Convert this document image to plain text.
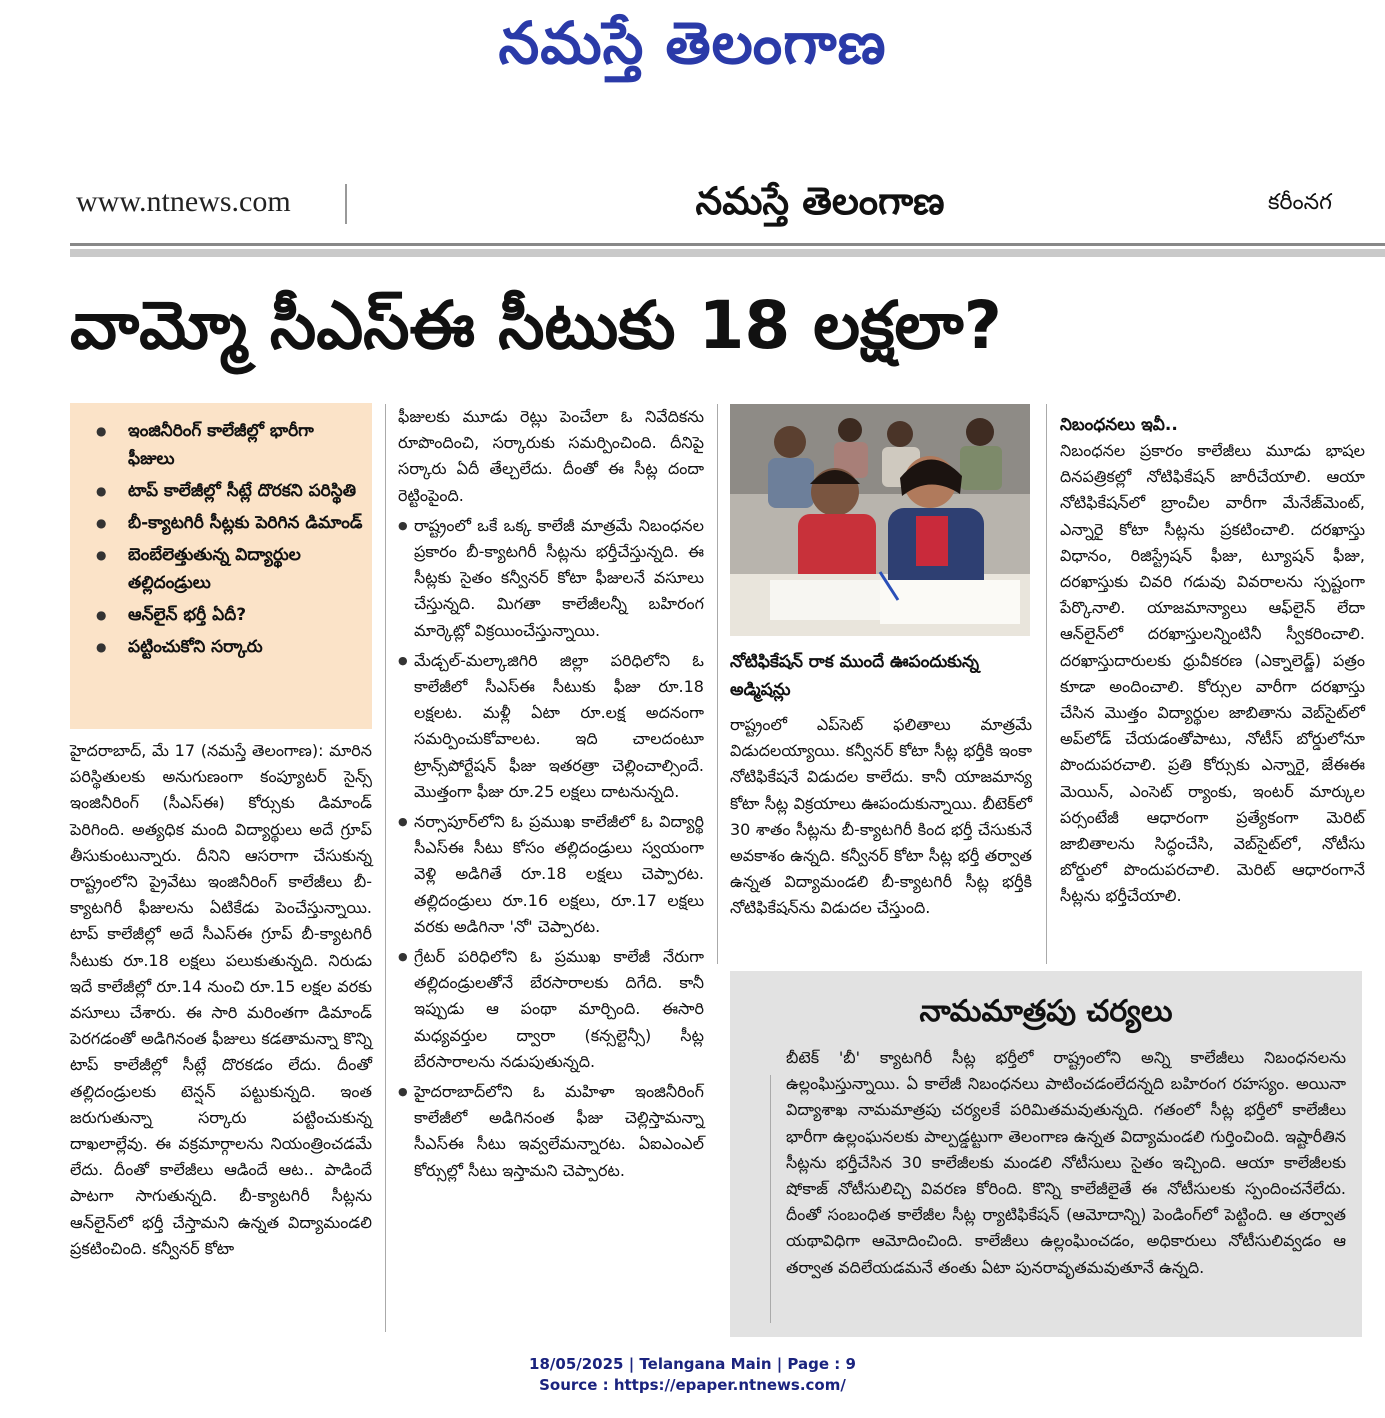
నమస్తే తెలంగాణ
www.ntnews.com	నమస్తే తెలంగాణ	కరీంనగ
వామ్మో సీఎస్‌ఈ సీటుకు 18 లక్షలా?
● ఇంజినీరింగ్ కాలేజీల్లో భారీగా ఫీజులు
● టాప్ కాలేజీల్లో సీట్లే దొరకని పరిస్థితి
● బీ-క్యాటగిరీ సీట్లకు పెరిగిన డిమాండ్
● బెంబేలెత్తుతున్న విద్యార్థుల తల్లిదండ్రులు
● ఆన్‌లైన్ భర్తీ ఏదీ?
● పట్టించుకోని సర్కారు

హైదరాబాద్, మే 17 (నమస్తే తెలంగాణ): మారిన పరిస్థితులకు అనుగుణంగా కంప్యూటర్ సైన్స్ ఇంజినీరింగ్ (సీఎస్‌ఈ) కోర్సుకు డిమాండ్ పెరిగింది. అత్యధిక మంది విద్యార్థులు అదే గ్రూప్ తీసుకుంటున్నారు. దీనిని ఆసరాగా చేసుకున్న రాష్ట్రంలోని ప్రైవేటు ఇంజినీరింగ్ కాలేజీలు బీ-క్యాటగిరీ ఫీజులను ఏటికేడు పెంచేస్తున్నాయి. టాప్ కాలేజీల్లో అదే సీఎస్‌ఈ గ్రూప్ బీ-క్యాటగిరీ సీటుకు రూ.18 లక్షలు పలుకుతున్నది. నిరుడు ఇదే కాలేజీల్లో రూ.14 నుంచి రూ.15 లక్షల వరకు వసూలు చేశారు. ఈ సారి మరింతగా డిమాండ్ పెరగడంతో అడిగినంత ఫీజులు కడతామన్నా కొన్ని టాప్ కాలేజీల్లో సీట్లే దొరకడం లేదు. దీంతో తల్లిదండ్రులకు టెన్షన్ పట్టుకున్నది. ఇంత జరుగుతున్నా సర్కారు పట్టించుకున్న దాఖలాల్లేవు. ఈ వక్రమార్గాలను నియంత్రించడమే లేదు. దీంతో కాలేజీలు ఆడిందే ఆట.. పాడిందే పాటగా సాగుతున్నది. బీ-క్యాటగిరీ సీట్లను ఆన్‌లైన్‌లో భర్తీ చేస్తామని ఉన్నత విద్యామండలి ప్రకటించింది. కన్వీనర్ కోటా

ఫీజులకు మూడు రెట్లు పెంచేలా ఓ నివేదికను రూపొందించి, సర్కారుకు సమర్పించింది. దీనిపై సర్కారు ఏదీ తేల్చలేదు. దీంతో ఈ సీట్ల దందా రెట్టింపైంది.

● రాష్ట్రంలో ఒకే ఒక్క కాలేజీ మాత్రమే నిబంధనల ప్రకారం బీ-క్యాటగిరీ సీట్లను భర్తీచేస్తున్నది. ఈ సీట్లకు సైతం కన్వీనర్ కోటా ఫీజులనే వసూలు చేస్తున్నది. మిగతా కాలేజీలన్నీ బహిరంగ మార్కెట్లో విక్రయించేస్తున్నాయి.

● మేడ్చల్-మల్కాజిగిరి జిల్లా పరిధిలోని ఓ కాలేజీలో సీఎస్‌ఈ సీటుకు ఫీజు రూ.18 లక్షలట. మళ్లీ ఏటా రూ.లక్ష అదనంగా సమర్పించుకోవాలట. ఇది చాలదంటూ ట్రాన్స్‌పోర్టేషన్ ఫీజు ఇతరత్రా చెల్లించాల్సిందే. మొత్తంగా ఫీజు రూ.25 లక్షలు దాటనున్నది.

● నర్సాపూర్‌లోని ఓ ప్రముఖ కాలేజీలో ఓ విద్యార్థి సీఎస్‌ఈ సీటు కోసం తల్లిదండ్రులు స్వయంగా వెళ్లి అడిగితే రూ.18 లక్షలు చెప్పారట. తల్లిదండ్రులు రూ.16 లక్షలు, రూ.17 లక్షలు వరకు అడిగినా 'నో' చెప్పారట.

● గ్రేటర్ పరిధిలోని ఓ ప్రముఖ కాలేజీ నేరుగా తల్లిదండ్రులతోనే బేరసారాలకు దిగేది. కానీ ఇప్పుడు ఆ పంథా మార్చింది. ఈసారి మధ్యవర్తుల ద్వారా (కన్సల్టెన్సీ) సీట్ల బేరసారాలను నడుపుతున్నది.

● హైదరాబాద్‌లోని ఓ మహిళా ఇంజినీరింగ్ కాలేజీలో అడిగినంత ఫీజు చెల్లిస్తామన్నా సీఎస్‌ఈ సీటు ఇవ్వలేమన్నారట. ఏఐఎంఎల్ కోర్సుల్లో సీటు ఇస్తామని చెప్పారట.

నోటిఫికేషన్ రాక ముందే ఊపందుకున్న అడ్మిషన్లు

రాష్ట్రంలో ఎప్‌సెట్ ఫలితాలు మాత్రమే విడుదలయ్యాయి. కన్వీనర్ కోటా సీట్ల భర్తీకి ఇంకా నోటిఫికేషనే విడుదల కాలేదు. కానీ యాజమాన్య కోటా సీట్ల విక్రయాలు ఊపందుకున్నాయి. బీటెక్‌లో 30 శాతం సీట్లను బీ-క్యాటగిరీ కింద భర్తీ చేసుకునే అవకాశం ఉన్నది. కన్వీనర్ కోటా సీట్ల భర్తీ తర్వాత ఉన్నత విద్యామండలి బీ-క్యాటగిరీ సీట్ల భర్తీకి నోటిఫికేషన్‌ను విడుదల చేస్తుంది.

నిబంధనలు ఇవీ..

నిబంధనల ప్రకారం కాలేజీలు మూడు భాషల దినపత్రికల్లో నోటిఫికేషన్ జారీచేయాలి. ఆయా నోటిఫికేషన్‌లో బ్రాంచీల వారీగా మేనేజ్‌మెంట్, ఎన్నారై కోటా సీట్లను ప్రకటించాలి. దరఖాస్తు విధానం, రిజిస్ట్రేషన్ ఫీజు, ట్యూషన్ ఫీజు, దరఖాస్తుకు చివరి గడువు వివరాలను స్పష్టంగా పేర్కొనాలి. యాజమాన్యాలు ఆఫ్‌లైన్ లేదా ఆన్‌లైన్‌లో దరఖాస్తులన్నింటినీ స్వీకరించాలి. దరఖాస్తుదారులకు ధ్రువీకరణ (ఎక్నాలెడ్జ్) పత్రం కూడా అందించాలి. కోర్సుల వారీగా దరఖాస్తు చేసిన మొత్తం విద్యార్థుల జాబితాను వెబ్‌సైట్‌లో అప్‌లోడ్ చేయడంతోపాటు, నోటీస్ బోర్డులోనూ పొందుపరచాలి. ప్రతి కోర్సుకు ఎన్నారై, జేఈఈ మెయిన్, ఎంసెట్ ర్యాంకు, ఇంటర్ మార్కుల పర్సంటేజీ ఆధారంగా ప్రత్యేకంగా మెరిట్ జాబితాలను సిద్ధంచేసి, వెబ్‌సైట్‌లో, నోటీసు బోర్డులో పొందుపరచాలి. మెరిట్ ఆధారంగానే సీట్లను భర్తీచేయాలి.

నామమాత్రపు చర్యలు
బీటెక్ 'బీ' క్యాటగిరీ సీట్ల భర్తీలో రాష్ట్రంలోని అన్ని కాలేజీలు నిబంధనలను ఉల్లంఘిస్తున్నాయి. ఏ కాలేజీ నిబంధనలు పాటించడంలేదన్నది బహిరంగ రహస్యం. అయినా విద్యాశాఖ నామమాత్రపు చర్యలకే పరిమితమవుతున్నది. గతంలో సీట్ల భర్తీలో కాలేజీలు భారీగా ఉల్లంఘనలకు పాల్పడ్డట్టుగా తెలంగాణ ఉన్నత విద్యామండలి గుర్తించింది. ఇష్టారీతిన సీట్లను భర్తీచేసిన 30 కాలేజీలకు మండలి నోటీసులు సైతం ఇచ్చింది. ఆయా కాలేజీలకు షోకాజ్ నోటీసులిచ్చి వివరణ కోరింది. కొన్ని కాలేజీలైతే ఈ నోటీసులకు స్పందించనేలేదు. దీంతో సంబంధిత కాలేజీల సీట్ల ర్యాటిఫికేషన్ (ఆమోదాన్ని) పెండింగ్‌లో పెట్టింది. ఆ తర్వాత యథావిధిగా ఆమోదించింది. కాలేజీలు ఉల్లంఘించడం, అధికారులు నోటీసులివ్వడం ఆ తర్వాత వదిలేయడమనే తంతు ఏటా పునరావృతమవుతూనే ఉన్నది.
18/05/2025 | Telangana Main | Page : 9
Source : https://epaper.ntnews.com/
